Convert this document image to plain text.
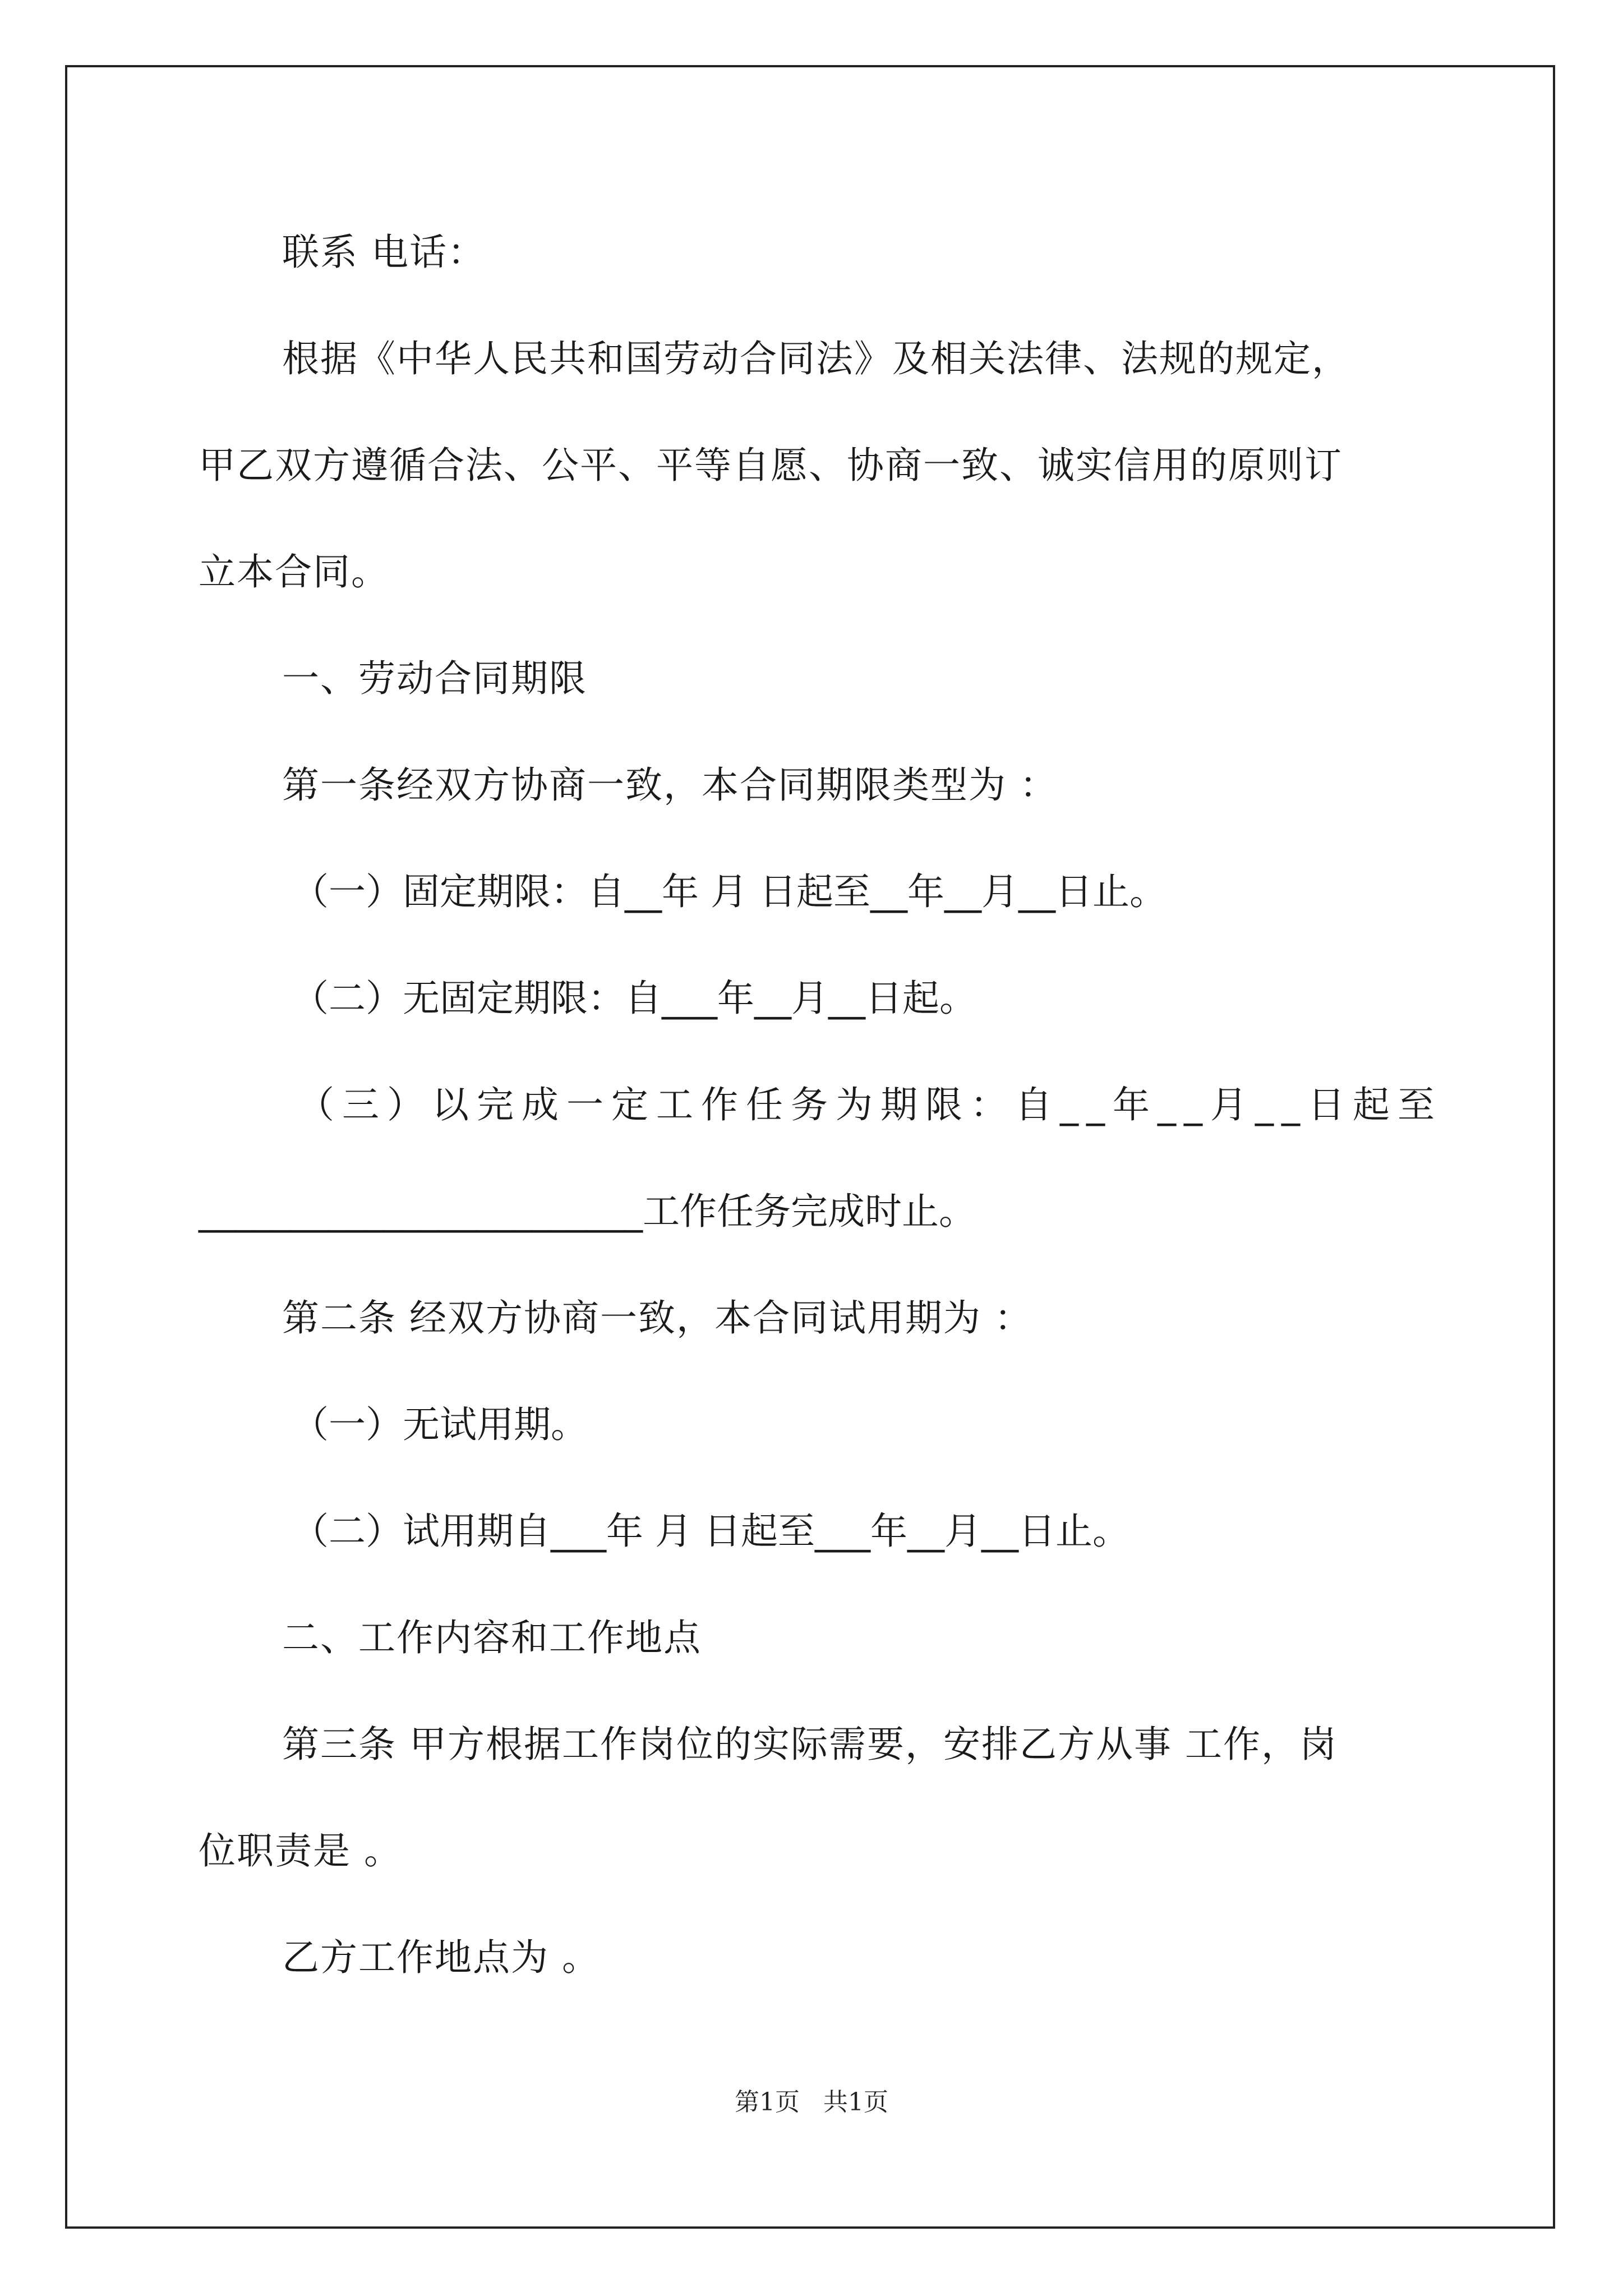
联系 电话：
根据《中华人民共和国劳动合同法》及相关法律、法规的规定，
甲乙双方遵循合法、公平、平等自愿、协商一致、诚实信用的原则订
立本合同。
一、劳动合同期限
第一条经双方协商一致，本合同期限类型为 ：
（一）固定期限：自__年 月 日起至__年__月__日止。
（二）无固定期限：自___年__月__日起。
（三）以完成一定工作任务为期限：自__年__月__日起至
________________________工作任务完成时止。
第二条 经双方协商一致，本合同试用期为 ：
（一）无试用期。
（二）试用期自___年 月 日起至___年__月__日止。
二、工作内容和工作地点
第三条 甲方根据工作岗位的实际需要，安排乙方从事 工作，岗
位职责是 。
乙方工作地点为 。
第1页   共1页
